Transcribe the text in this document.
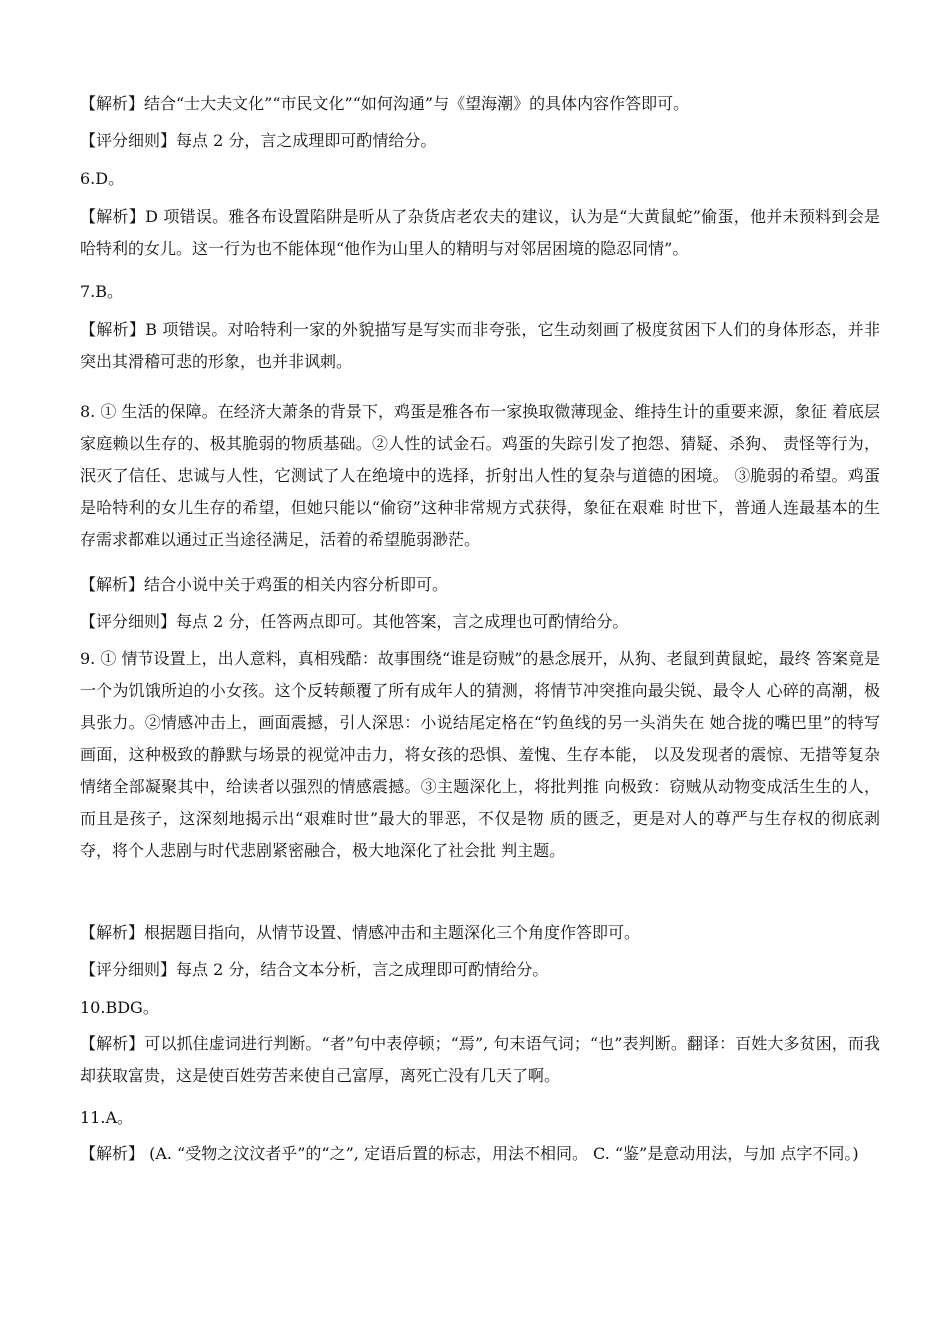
【解析】结合“士大夫文化”“市民文化”“如何沟通”与《望海潮》的具体内容作答即可。

【评分细则】每点 2 分，言之成理即可酌情给分。

6.D。

【解析】D 项错误。雅各布设置陷阱是听从了杂货店老农夫的建议，认为是“大黄鼠蛇”偷蛋，他并未预料到会是哈特利的女儿。这一行为也不能体现“他作为山里人的精明与对邻居困境的隐忍同情”。

7.B。

【解析】B 项错误。对哈特利一家的外貌描写是写实而非夸张，它生动刻画了极度贫困下人们的身体形态，并非突出其滑稽可悲的形象，也并非讽刺。

8. ① 生活的保障。在经济大萧条的背景下，鸡蛋是雅各布一家换取微薄现金、维持生计的重要来源，象征 着底层家庭赖以生存的、极其脆弱的物质基础。②人性的试金石。鸡蛋的失踪引发了抱怨、猜疑、杀狗、 责怪等行为，泯灭了信任、忠诚与人性，它测试了人在绝境中的选择，折射出人性的复杂与道德的困境。 ③脆弱的希望。鸡蛋是哈特利的女儿生存的希望，但她只能以“偷窃”这种非常规方式获得，象征在艰难 时世下，普通人连最基本的生存需求都难以通过正当途径满足，活着的希望脆弱渺茫。

【解析】结合小说中关于鸡蛋的相关内容分析即可。

【评分细则】每点 2 分，任答两点即可。其他答案，言之成理也可酌情给分。

9. ① 情节设置上，出人意料，真相残酷：故事围绕“谁是窃贼”的悬念展开，从狗、老鼠到黄鼠蛇，最终 答案竟是一个为饥饿所迫的小女孩。这个反转颠覆了所有成年人的猜测，将情节冲突推向最尖锐、最令人 心碎的高潮，极具张力。②情感冲击上，画面震撼，引人深思：小说结尾定格在“钓鱼线的另一头消失在 她合拢的嘴巴里”的特写画面，这种极致的静默与场景的视觉冲击力，将女孩的恐惧、羞愧、生存本能， 以及发现者的震惊、无措等复杂情绪全部凝聚其中，给读者以强烈的情感震撼。③主题深化上，将批判推 向极致：窃贼从动物变成活生生的人，而且是孩子，这深刻地揭示出“艰难时世”最大的罪恶，不仅是物 质的匮乏，更是对人的尊严与生存权的彻底剥夺，将个人悲剧与时代悲剧紧密融合，极大地深化了社会批 判主题。

【解析】根据题目指向，从情节设置、情感冲击和主题深化三个角度作答即可。

【评分细则】每点 2 分，结合文本分析，言之成理即可酌情给分。

10.BDG。

【解析】可以抓住虚词进行判断。“者”句中表停顿；“焉”, 句末语气词；“也”表判断。翻译：百姓大多贫困，而我却获取富贵，这是使百姓劳苦来使自己富厚，离死亡没有几天了啊。

11.A。

【解析】 (A. “受物之汶汶者乎”的“之”, 定语后置的标志，用法不相同。 C. “鉴”是意动用法，与加 点字不同。)
